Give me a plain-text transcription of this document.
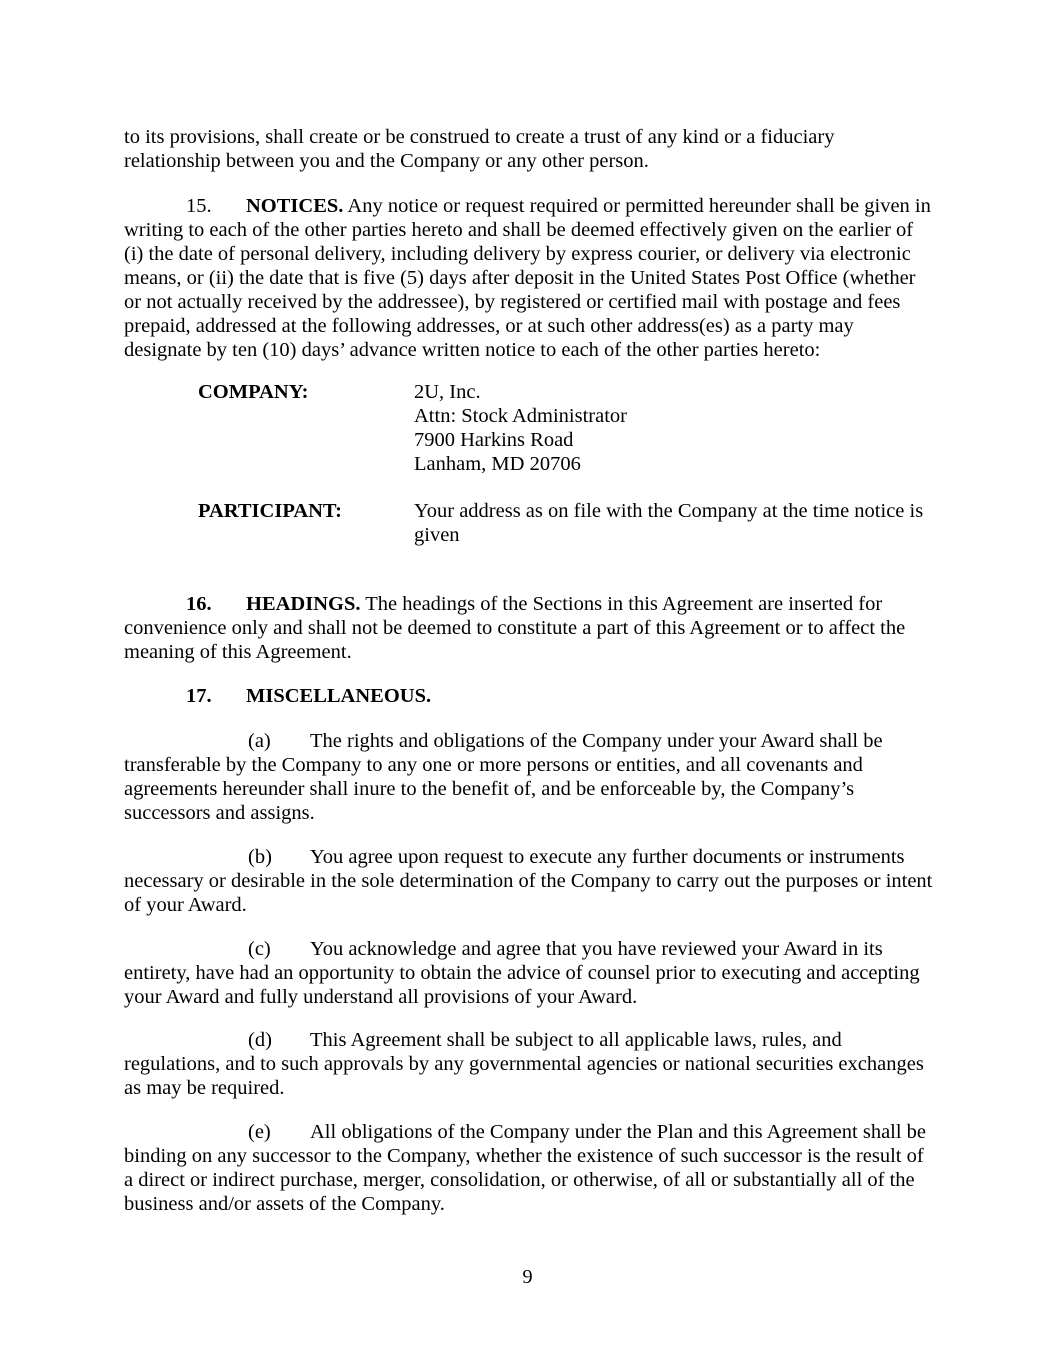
to its provisions, shall create or be construed to create a trust of any kind or a fiduciary relationship between you and the Company or any other person.

15. NOTICES. Any notice or request required or permitted hereunder shall be given in writing to each of the other parties hereto and shall be deemed effectively given on the earlier of (i) the date of personal delivery, including delivery by express courier, or delivery via electronic means, or (ii) the date that is five (5) days after deposit in the United States Post Office (whether or not actually received by the addressee), by registered or certified mail with postage and fees prepaid, addressed at the following addresses, or at such other address(es) as a party may designate by ten (10) days’ advance written notice to each of the other parties hereto:

COMPANY:	2U, Inc.
Attn: Stock Administrator
7900 Harkins Road
Lanham, MD 20706
PARTICIPANT:	Your address as on file with the Company at the time notice is given

16. HEADINGS. The headings of the Sections in this Agreement are inserted for convenience only and shall not be deemed to constitute a part of this Agreement or to affect the meaning of this Agreement.

17. MISCELLANEOUS.

(a) The rights and obligations of the Company under your Award shall be transferable by the Company to any one or more persons or entities, and all covenants and agreements hereunder shall inure to the benefit of, and be enforceable by, the Company’s successors and assigns.

(b) You agree upon request to execute any further documents or instruments necessary or desirable in the sole determination of the Company to carry out the purposes or intent of your Award.

(c) You acknowledge and agree that you have reviewed your Award in its entirety, have had an opportunity to obtain the advice of counsel prior to executing and accepting your Award and fully understand all provisions of your Award.

(d) This Agreement shall be subject to all applicable laws, rules, and regulations, and to such approvals by any governmental agencies or national securities exchanges as may be required.

(e) All obligations of the Company under the Plan and this Agreement shall be binding on any successor to the Company, whether the existence of such successor is the result of a direct or indirect purchase, merger, consolidation, or otherwise, of all or substantially all of the business and/or assets of the Company.

9
